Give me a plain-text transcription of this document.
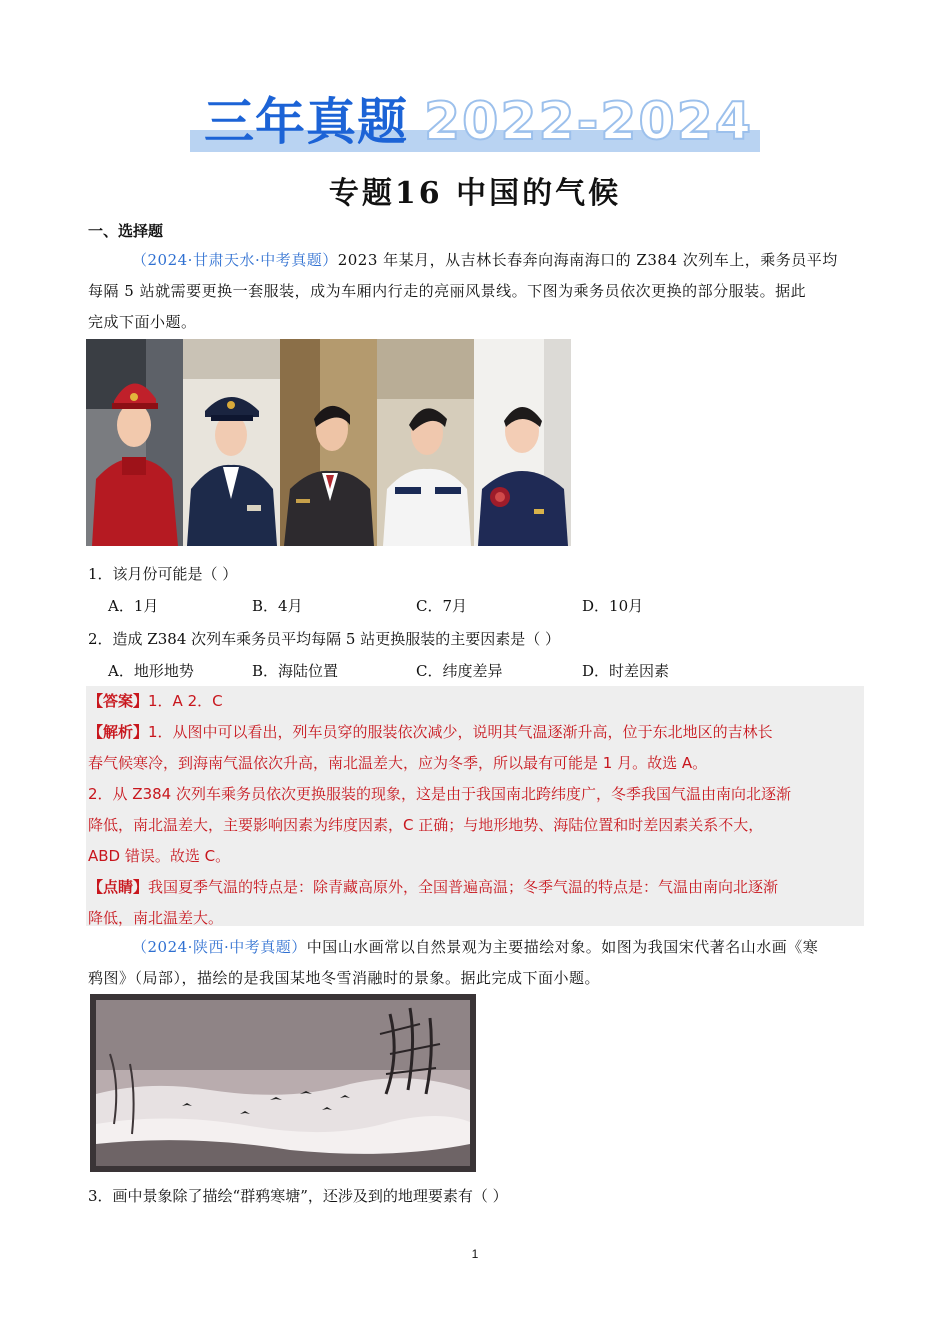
三年真题 2022-2024
专题16 中国的气候
一、选择题
（2024·甘肃天水·中考真题）2023 年某月，从吉林长春奔向海南海口的 Z384 次列车上，乘务员平均
每隔 5 站就需要更换一套服装，成为车厢内行走的亮丽风景线。下图为乘务员依次更换的部分服装。据此
完成下面小题。
1．该月份可能是（ ）
A．1月	B．4月	C．7月	D．10月
2．造成 Z384 次列车乘务员平均每隔 5 站更换服装的主要因素是（ ）
A．地形地势	B．海陆位置	C．纬度差异	D．时差因素
【答案】1．A 2．C
【解析】1．从图中可以看出，列车员穿的服装依次减少，说明其气温逐渐升高，位于东北地区的吉林长
春气候寒冷，到海南气温依次升高，南北温差大，应为冬季，所以最有可能是 1 月。故选 A。
2．从 Z384 次列车乘务员依次更换服装的现象，这是由于我国南北跨纬度广，冬季我国气温由南向北逐渐
降低，南北温差大，主要影响因素为纬度因素，C 正确；与地形地势、海陆位置和时差因素关系不大，
ABD 错误。故选 C。
【点睛】我国夏季气温的特点是：除青藏高原外，全国普遍高温；冬季气温的特点是：气温由南向北逐渐
降低，南北温差大。
（2024·陕西·中考真题）中国山水画常以自然景观为主要描绘对象。如图为我国宋代著名山水画《寒
鸦图》（局部），描绘的是我国某地冬雪消融时的景象。据此完成下面小题。
3．画中景象除了描绘“群鸦寒塘”，还涉及到的地理要素有（ ）
1
